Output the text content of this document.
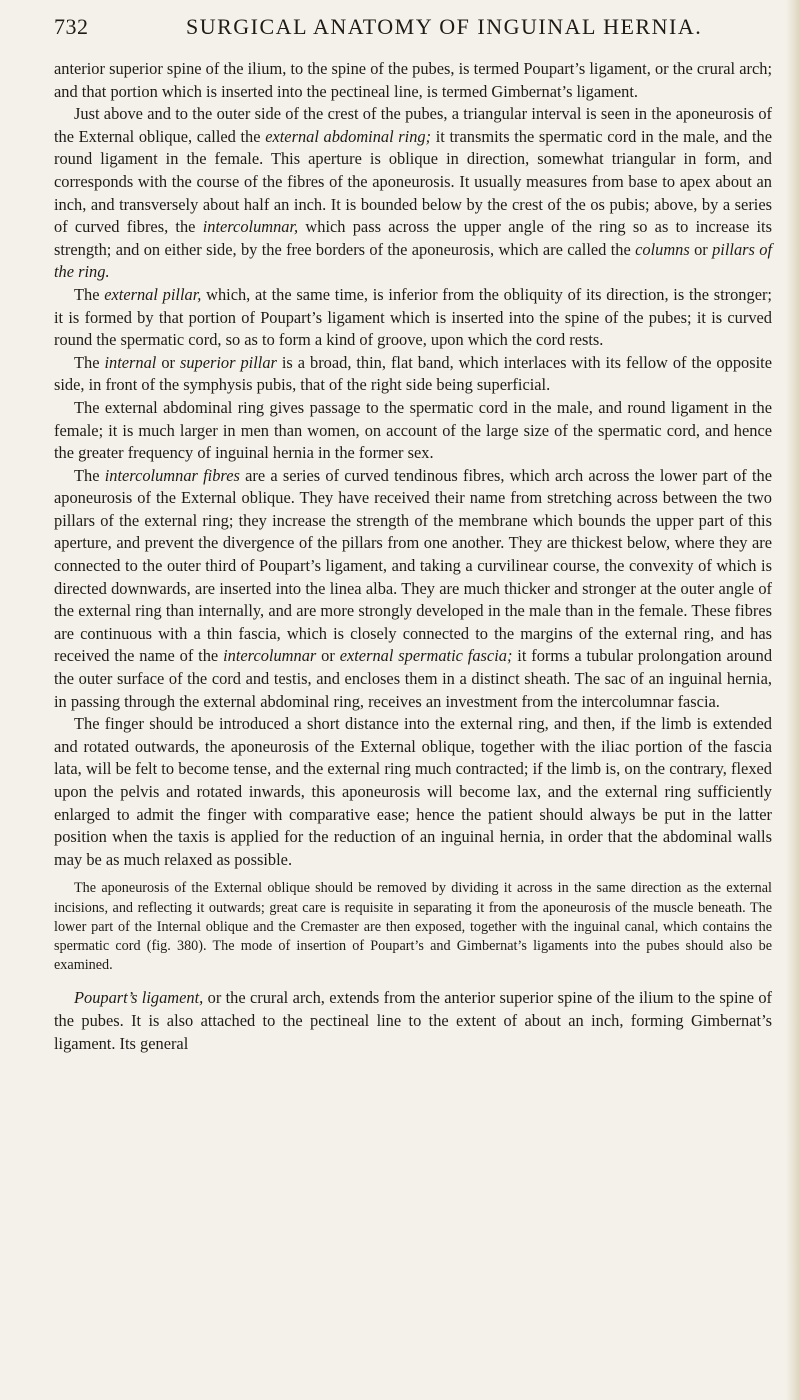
732	SURGICAL ANATOMY OF INGUINAL HERNIA.

anterior superior spine of the ilium, to the spine of the pubes, is termed Poupart’s ligament, or the crural arch; and that portion which is inserted into the pectineal line, is termed Gimbernat’s ligament.

Just above and to the outer side of the crest of the pubes, a triangular interval is seen in the aponeurosis of the External oblique, called the external abdominal ring; it transmits the spermatic cord in the male, and the round ligament in the female. This aperture is oblique in direction, somewhat triangular in form, and corresponds with the course of the fibres of the aponeurosis. It usually measures from base to apex about an inch, and transversely about half an inch. It is bounded below by the crest of the os pubis; above, by a series of curved fibres, the intercolumnar, which pass across the upper angle of the ring so as to increase its strength; and on either side, by the free borders of the aponeurosis, which are called the columns or pillars of the ring.

The external pillar, which, at the same time, is inferior from the obliquity of its direction, is the stronger; it is formed by that portion of Poupart’s ligament which is inserted into the spine of the pubes; it is curved round the spermatic cord, so as to form a kind of groove, upon which the cord rests.

The internal or superior pillar is a broad, thin, flat band, which interlaces with its fellow of the opposite side, in front of the symphysis pubis, that of the right side being superficial.

The external abdominal ring gives passage to the spermatic cord in the male, and round ligament in the female; it is much larger in men than women, on account of the large size of the spermatic cord, and hence the greater frequency of inguinal hernia in the former sex.

The intercolumnar fibres are a series of curved tendinous fibres, which arch across the lower part of the aponeurosis of the External oblique. They have received their name from stretching across between the two pillars of the external ring; they increase the strength of the membrane which bounds the upper part of this aperture, and prevent the divergence of the pillars from one another. They are thickest below, where they are connected to the outer third of Poupart’s ligament, and taking a curvilinear course, the convexity of which is directed downwards, are inserted into the linea alba. They are much thicker and stronger at the outer angle of the external ring than internally, and are more strongly developed in the male than in the female. These fibres are continuous with a thin fascia, which is closely connected to the margins of the external ring, and has received the name of the intercolumnar or external spermatic fascia; it forms a tubular prolongation around the outer surface of the cord and testis, and encloses them in a distinct sheath. The sac of an inguinal hernia, in passing through the external abdominal ring, receives an investment from the intercolumnar fascia.

The finger should be introduced a short distance into the external ring, and then, if the limb is extended and rotated outwards, the aponeurosis of the External oblique, together with the iliac portion of the fascia lata, will be felt to become tense, and the external ring much contracted; if the limb is, on the contrary, flexed upon the pelvis and rotated inwards, this aponeurosis will become lax, and the external ring sufficiently enlarged to admit the finger with comparative ease; hence the patient should always be put in the latter position when the taxis is applied for the reduction of an inguinal hernia, in order that the abdominal walls may be as much relaxed as possible.

The aponeurosis of the External oblique should be removed by dividing it across in the same direction as the external incisions, and reflecting it outwards; great care is requisite in separating it from the aponeurosis of the muscle beneath. The lower part of the Internal oblique and the Cremaster are then exposed, together with the inguinal canal, which contains the spermatic cord (fig. 380). The mode of insertion of Poupart’s and Gimbernat’s ligaments into the pubes should also be examined.

Poupart’s ligament, or the crural arch, extends from the anterior superior spine of the ilium to the spine of the pubes. It is also attached to the pectineal line to the extent of about an inch, forming Gimbernat’s ligament. Its general
